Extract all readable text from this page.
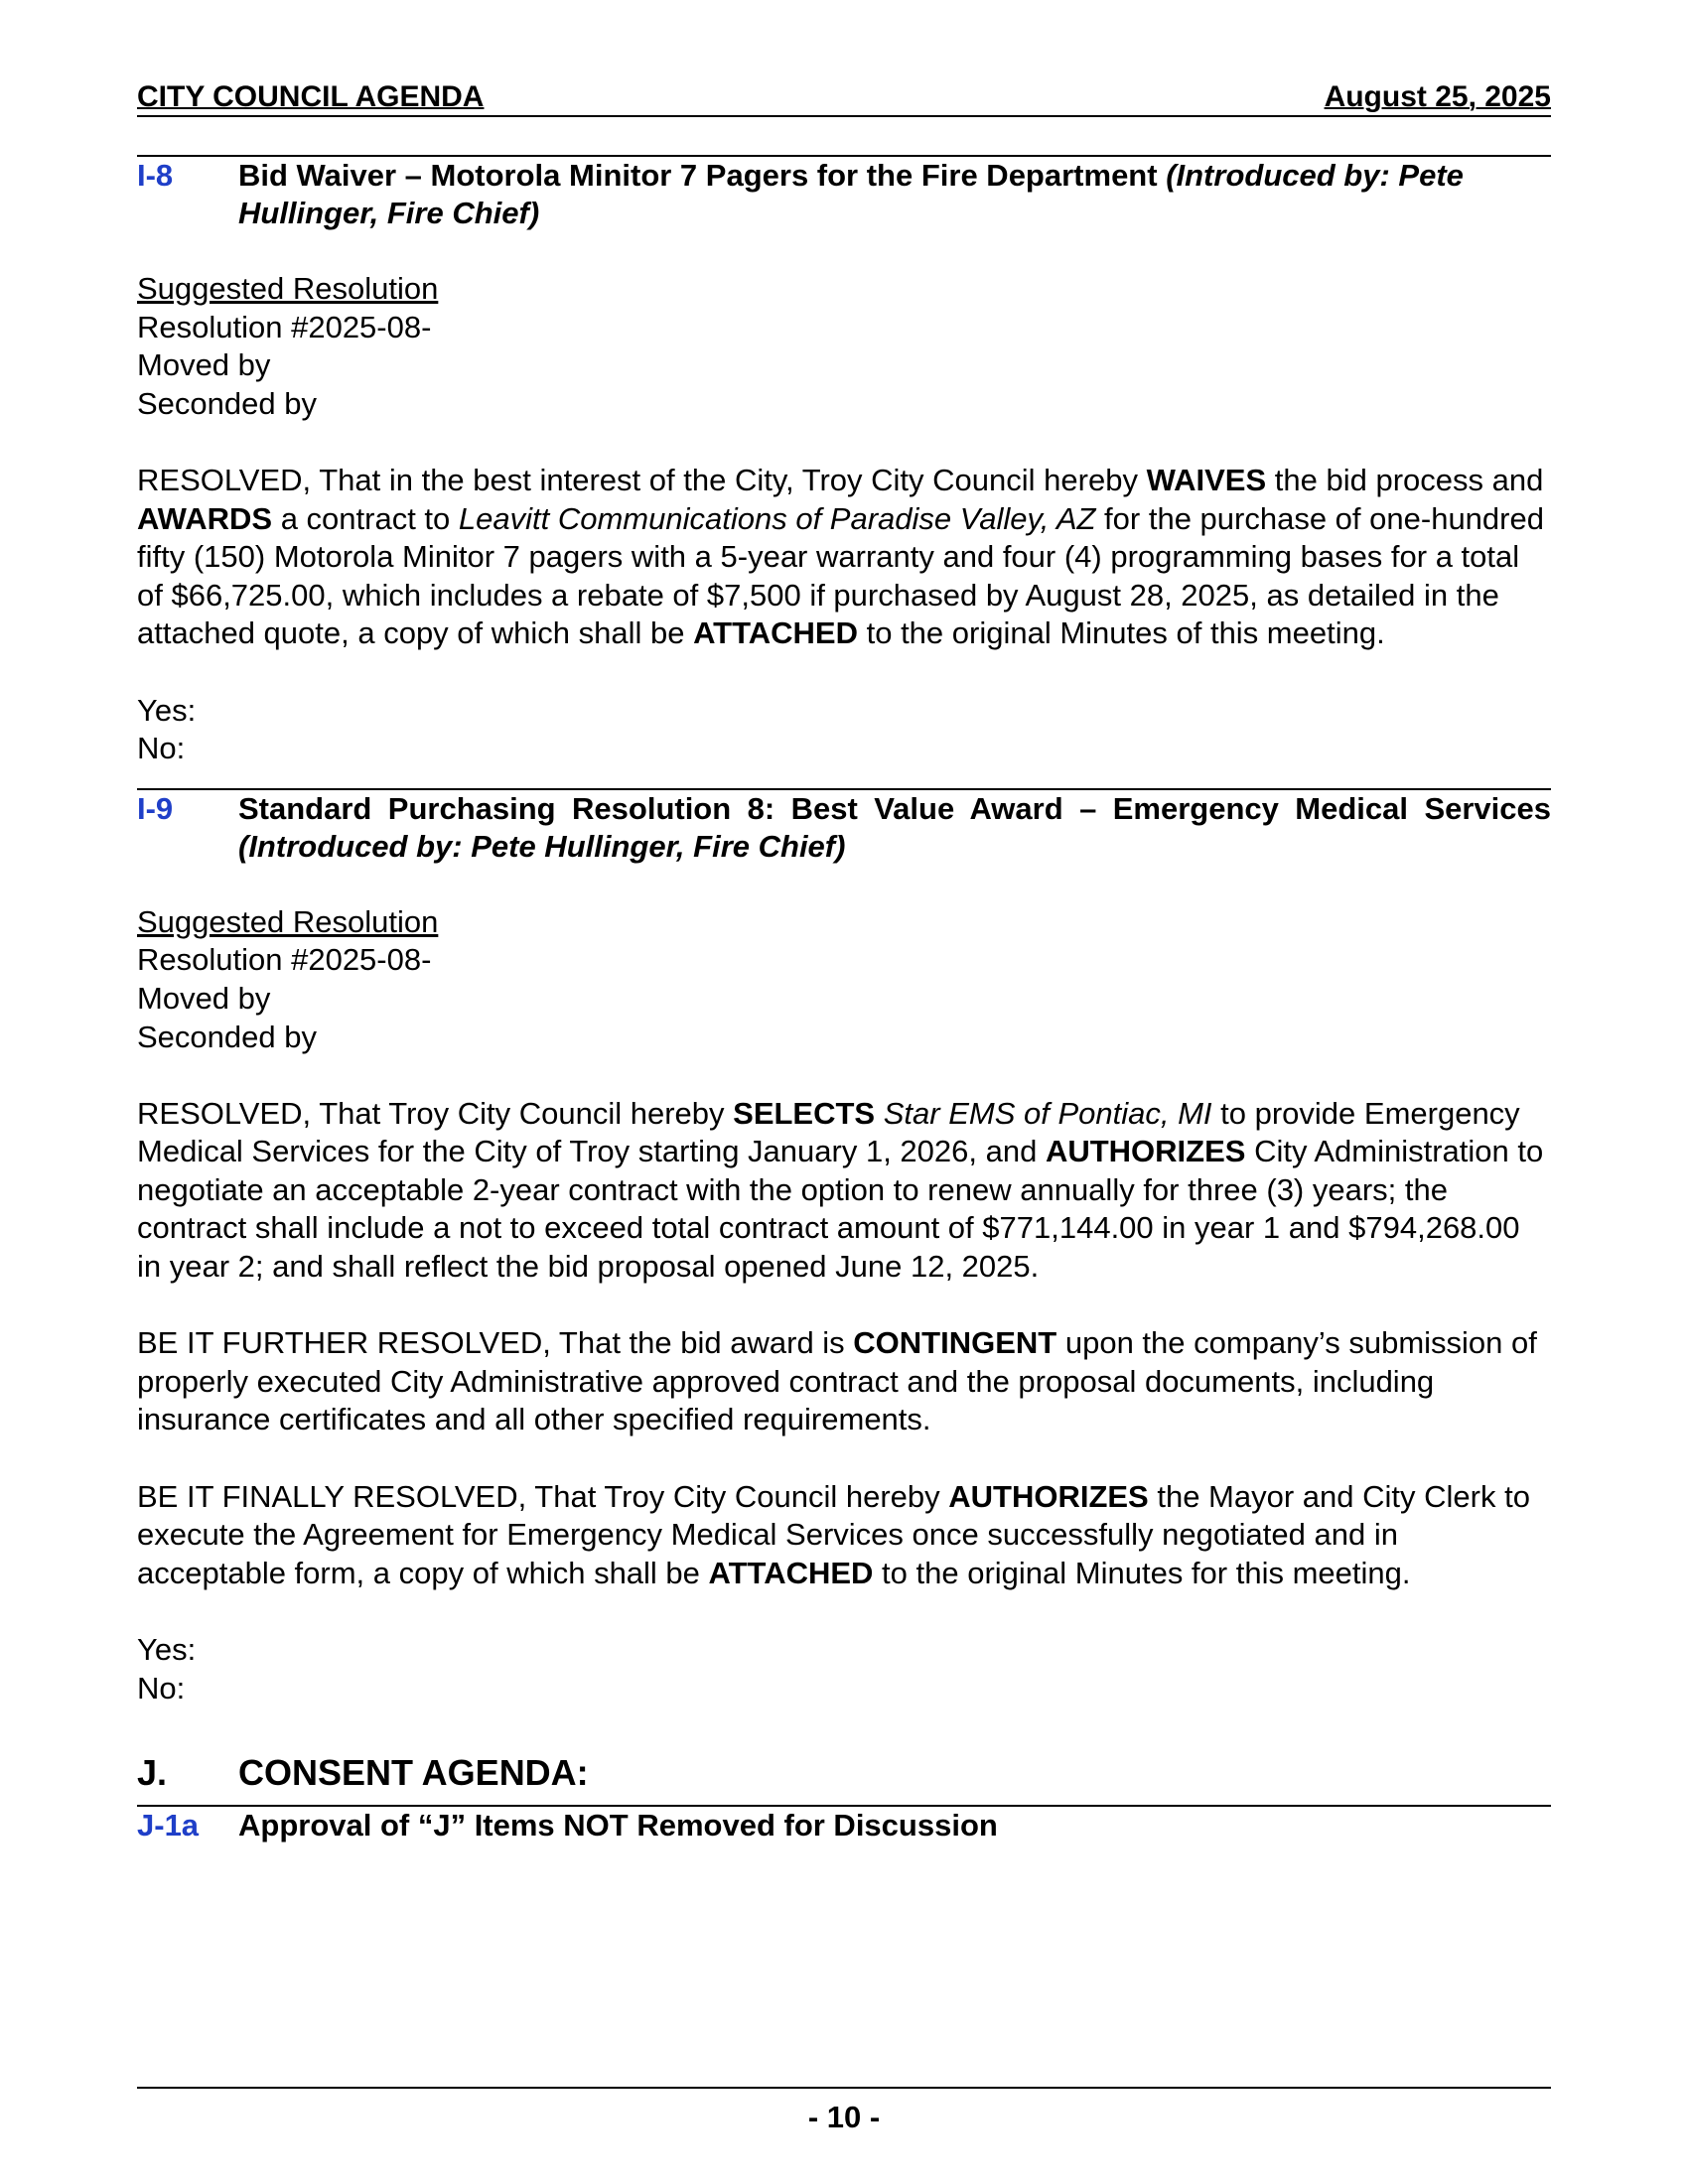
CITY COUNCIL AGENDA	August 25, 2025
I-8	Bid Waiver – Motorola Minitor 7 Pagers for the Fire Department (Introduced by: Pete Hullinger, Fire Chief)

Suggested Resolution

Resolution #2025-08-

Moved by

Seconded by

RESOLVED, That in the best interest of the City, Troy City Council hereby WAIVES the bid process and AWARDS a contract to Leavitt Communications of Paradise Valley, AZ for the purchase of one-hundred fifty (150) Motorola Minitor 7 pagers with a 5-year warranty and four (4) programming bases for a total of $66,725.00, which includes a rebate of $7,500 if purchased by August 28, 2025, as detailed in the attached quote, a copy of which shall be ATTACHED to the original Minutes of this meeting.

Yes:

No:

I-9	Standard Purchasing Resolution 8: Best Value Award – Emergency Medical Services (Introduced by: Pete Hullinger, Fire Chief)

Suggested Resolution

Resolution #2025-08-

Moved by

Seconded by

RESOLVED, That Troy City Council hereby SELECTS Star EMS of Pontiac, MI to provide Emergency Medical Services for the City of Troy starting January 1, 2026, and AUTHORIZES City Administration to negotiate an acceptable 2-year contract with the option to renew annually for three (3) years; the contract shall include a not to exceed total contract amount of $771,144.00 in year 1 and $794,268.00 in year 2; and shall reflect the bid proposal opened June 12, 2025.

BE IT FURTHER RESOLVED, That the bid award is CONTINGENT upon the company’s submission of properly executed City Administrative approved contract and the proposal documents, including insurance certificates and all other specified requirements.

BE IT FINALLY RESOLVED, That Troy City Council hereby AUTHORIZES the Mayor and City Clerk to execute the Agreement for Emergency Medical Services once successfully negotiated and in acceptable form, a copy of which shall be ATTACHED to the original Minutes for this meeting.

Yes:

No:

J.	CONSENT AGENDA:
J-1a	Approval of “J” Items NOT Removed for Discussion
- 10 -
